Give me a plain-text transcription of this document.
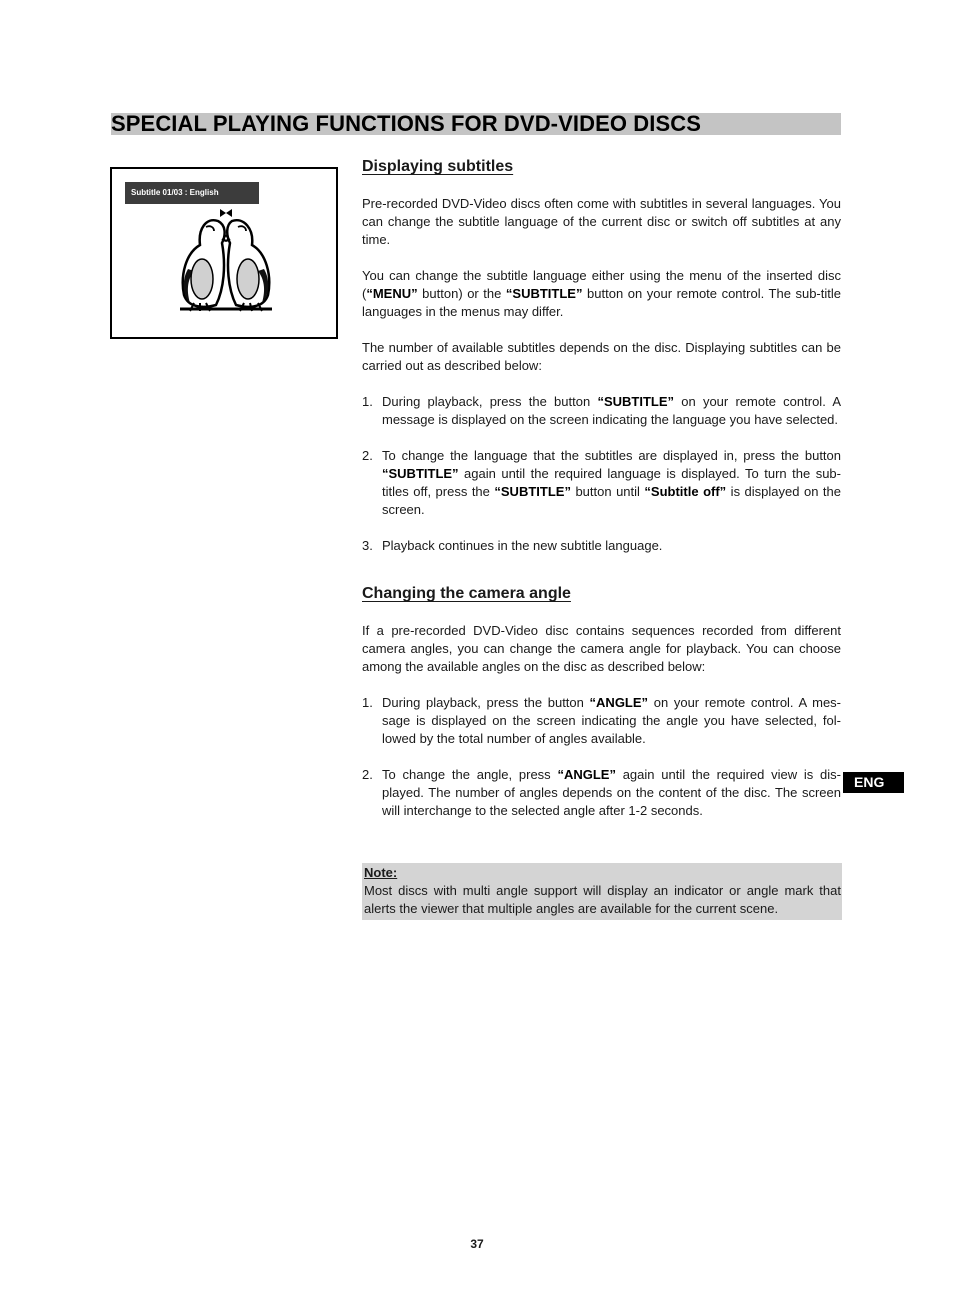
SPECIAL PLAYING FUNCTIONS FOR DVD-VIDEO DISCS
Subtitle 01/03 : English
Displaying subtitles

Pre-recorded DVD-Video discs often come with subtitles in several languages. You can change the subtitle language of the current disc or switch off subtitles at any time.

You can change the subtitle language either using the menu of the inserted disc (“MENU” button) or the “SUBTITLE” button on your remote control. The sub-title languages in the menus may differ.

The number of available subtitles depends on the disc. Displaying subtitles can be carried out as described below:

1. During playback, press the button “SUBTITLE” on your remote control. A message is displayed on the screen indicating the language you have selected.
2. To change the language that the subtitles are displayed in, press the button “SUBTITLE” again until the required language is displayed. To turn the sub-titles off, press the “SUBTITLE” button until “Subtitle off” is displayed on the screen.
3. Playback continues in the new subtitle language.
Changing the camera angle

If a pre-recorded DVD-Video disc contains sequences recorded from different camera angles, you can change the camera angle for playback. You can choose among the available angles on the disc as described below:

1. During playback, press the button “ANGLE” on your remote control. A mes-sage is displayed on the screen indicating the angle you have selected, fol-lowed by the total number of angles available.
2. To change the angle, press “ANGLE” again until the required view is dis-played. The number of angles depends on the content of the disc. The screen will interchange to the selected angle after 1-2 seconds.
Note:

Most discs with multi angle support will display an indicator or angle mark that alerts the viewer that multiple angles are available for the current scene.

ENG
37
